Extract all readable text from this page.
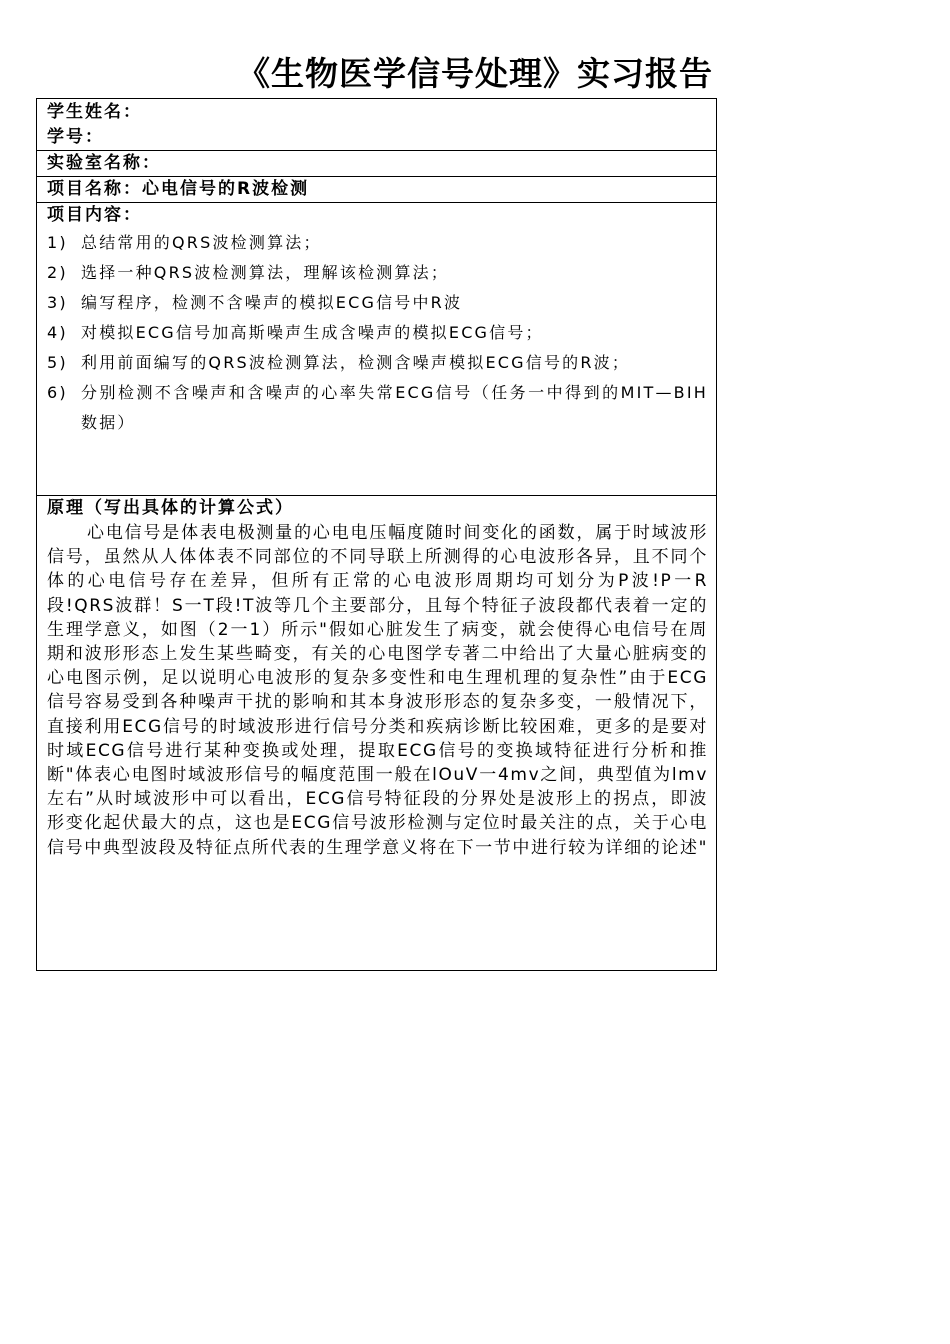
《生物医学信号处理》实习报告
学生姓名：
学号：
实验室名称：
项目名称：心电信号的R波检测
项目内容：
1) 总结常用的QRS波检测算法；
2) 选择一种QRS波检测算法，理解该检测算法；
3) 编写程序，检测不含噪声的模拟ECG信号中R波
4) 对模拟ECG信号加高斯噪声生成含噪声的模拟ECG信号；
5) 利用前面编写的QRS波检测算法，检测含噪声模拟ECG信号的R波；
6) 分别检测不含噪声和含噪声的心率失常ECG信号（任务一中得到的MIT—BIH数据）
原理（写出具体的计算公式）

心电信号是体表电极测量的心电电压幅度随时间变化的函数，属于时域波形信号，虽然从人体体表不同部位的不同导联上所测得的心电波形各异，且不同个体的心电信号存在差异，但所有正常的心电波形周期均可划分为P波!P一R段!QRS波群！S一T段!T波等几个主要部分，且每个特征子波段都代表着一定的生理学意义，如图（2一1）所示"假如心脏发生了病变，就会使得心电信号在周期和波形形态上发生某些畸变，有关的心电图学专著二中给出了大量心脏病变的心电图示例，足以说明心电波形的复杂多变性和电生理机理的复杂性”由于ECG信号容易受到各种噪声干扰的影响和其本身波形形态的复杂多变，一般情况下，直接利用ECG信号的时域波形进行信号分类和疾病诊断比较困难，更多的是要对时域ECG信号进行某种变换或处理，提取ECG信号的变换域特征进行分析和推断"体表心电图时域波形信号的幅度范围一般在lOuV一4mv之间，典型值为lmv左右”从时域波形中可以看出，ECG信号特征段的分界处是波形上的拐点，即波形变化起伏最大的点，这也是ECG信号波形检测与定位时最关注的点，关于心电信号中典型波段及特征点所代表的生理学意义将在下一节中进行较为详细的论述"
